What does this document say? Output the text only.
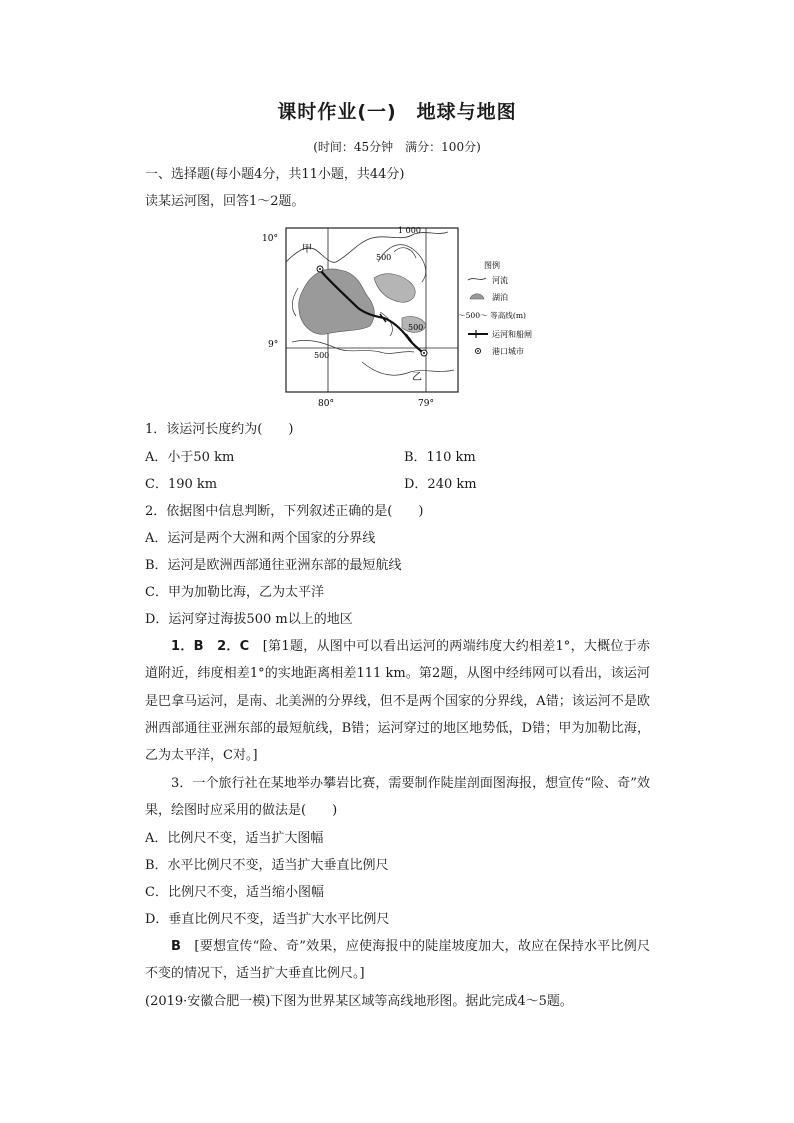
课时作业(一)　地球与地图
(时间：45分钟　满分：100分)
一、选择题(每小题4分，共11小题，共44分)
读某运河图，回答1～2题。
10°
9°
80°	79°
甲
乙
1 000
500
500
500
图例
河流
湖泊
～500～ 等高线(m)
运河和船闸
港口城市
1．该运河长度约为(　　)
A．小于50 km	B．110 km
C．190 km	D．240 km
2．依据图中信息判断，下列叙述正确的是(　　)
A．运河是两个大洲和两个国家的分界线
B．运河是欧洲西部通往亚洲东部的最短航线
C．甲为加勒比海，乙为太平洋
D．运河穿过海拔500 m以上的地区
1．B　2．C　 [第1题，从图中可以看出运河的两端纬度大约相差1°，大概位于赤道附近，纬度相差1°的实地距离相差111 km。第2题，从图中经纬网可以看出，该运河是巴拿马运河，是南、北美洲的分界线，但不是两个国家的分界线，A错；该运河不是欧洲西部通往亚洲东部的最短航线，B错；运河穿过的地区地势低，D错；甲为加勒比海，乙为太平洋，C对。]
3．一个旅行社在某地举办攀岩比赛，需要制作陡崖剖面图海报，想宣传“险、奇”效果，绘图时应采用的做法是(　　)
A．比例尺不变，适当扩大图幅
B．水平比例尺不变，适当扩大垂直比例尺
C．比例尺不变，适当缩小图幅
D．垂直比例尺不变，适当扩大水平比例尺
B　 [要想宣传“险、奇”效果，应使海报中的陡崖坡度加大，故应在保持水平比例尺不变的情况下，适当扩大垂直比例尺。]
(2019·安徽合肥一模)下图为世界某区域等高线地形图。据此完成4～5题。
